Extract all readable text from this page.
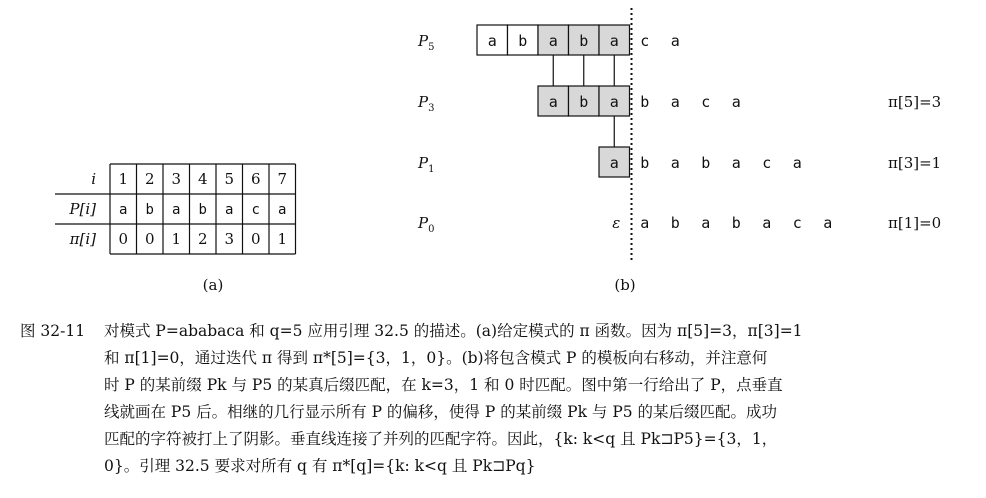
i 1 2 3 4 5 6 7
P[i] a b a b a c a
π[i] 0 0 1 2 3 0 1
(a)
$P_5$	a b a b a c a
$P_3$	a b a b a c a	π[5]=3
$P_1$	a b a b a c a	π[3]=1
$P_0$	a b a b a c a
ε	π[1]=0
(b)
图 32-11 对模式 P=ababaca 和 q=5 应用引理 32.5 的描述。(a)给定模式的 π 函数。因为 π[5]=3，π[3]=1
和 π[1]=0，通过迭代 π 得到 π*[5]={3，1，0}。(b)将包含模式 P 的模板向右移动，并注意何
时 P 的某前缀 Pk 与 P5 的某真后缀匹配，在 k=3，1 和 0 时匹配。图中第一行给出了 P，点垂直
线就画在 P5 后。相继的几行显示所有 P 的偏移，使得 P 的某前缀 Pk 与 P5 的某后缀匹配。成功
匹配的字符被打上了阴影。垂直线连接了并列的匹配字符。因此，{k: k<q 且 Pk⊐P5}={3，1，
0}。引理 32.5 要求对所有 q 有 π*[q]={k: k<q 且 Pk⊐Pq}
